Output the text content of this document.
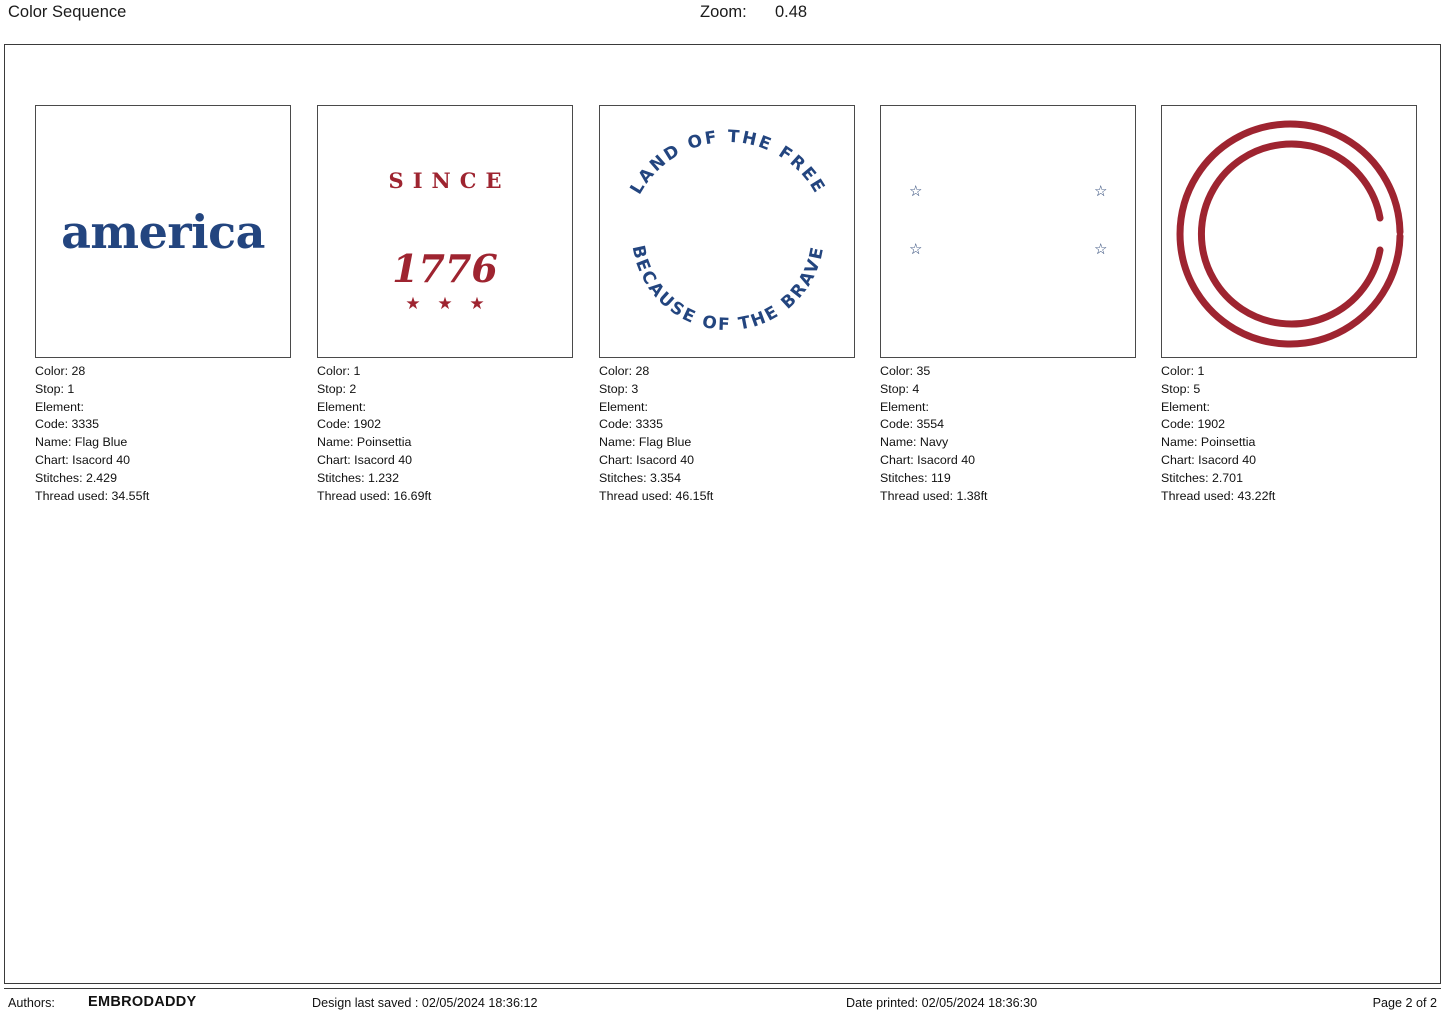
Color Sequence	Zoom: 0.48
america
Color: 28
Stop: 1
Element:
Code: 3335
Name: Flag Blue
Chart: Isacord 40
Stitches: 2.429
Thread used: 34.55ft
SINCE
1776
★ ★ ★
Color: 1
Stop: 2
Element:
Code: 1902
Name: Poinsettia
Chart: Isacord 40
Stitches: 1.232
Thread used: 16.69ft
LAND OF THE FREE
BECAUSE OF THE BRAVE
Color: 28
Stop: 3
Element:
Code: 3335
Name: Flag Blue
Chart: Isacord 40
Stitches: 3.354
Thread used: 46.15ft
☆	☆
☆	☆
Color: 35
Stop: 4
Element:
Code: 3554
Name: Navy
Chart: Isacord 40
Stitches: 119
Thread used: 1.38ft
Color: 1
Stop: 5
Element:
Code: 1902
Name: Poinsettia
Chart: Isacord 40
Stitches: 2.701
Thread used: 43.22ft
Authors: EMBRODADDY	Design last saved : 02/05/2024 18:36:12	Date printed: 02/05/2024 18:36:30	Page 2 of 2
